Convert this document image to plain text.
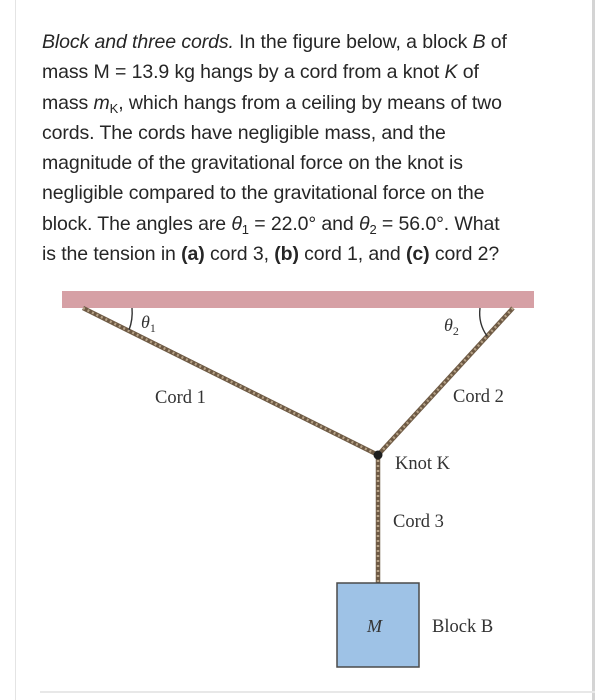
Block and three cords. In the figure below, a block B of
mass M = 13.9 kg hangs by a cord from a knot K of
mass $m_K$, which hangs from a ceiling by means of two
cords. The cords have negligible mass, and the
magnitude of the gravitational force on the knot is
negligible compared to the gravitational force on the
block. The angles are $\theta_1 = 22.0^\circ$ and $\theta_2 = 56.0^\circ$. What
is the tension in (a) cord 3, (b) cord 1, and (c) cord 2?
$\theta_1$	$\theta_2$
Cord 1	Cord 2
Knot K
Cord 3
M	Block B
